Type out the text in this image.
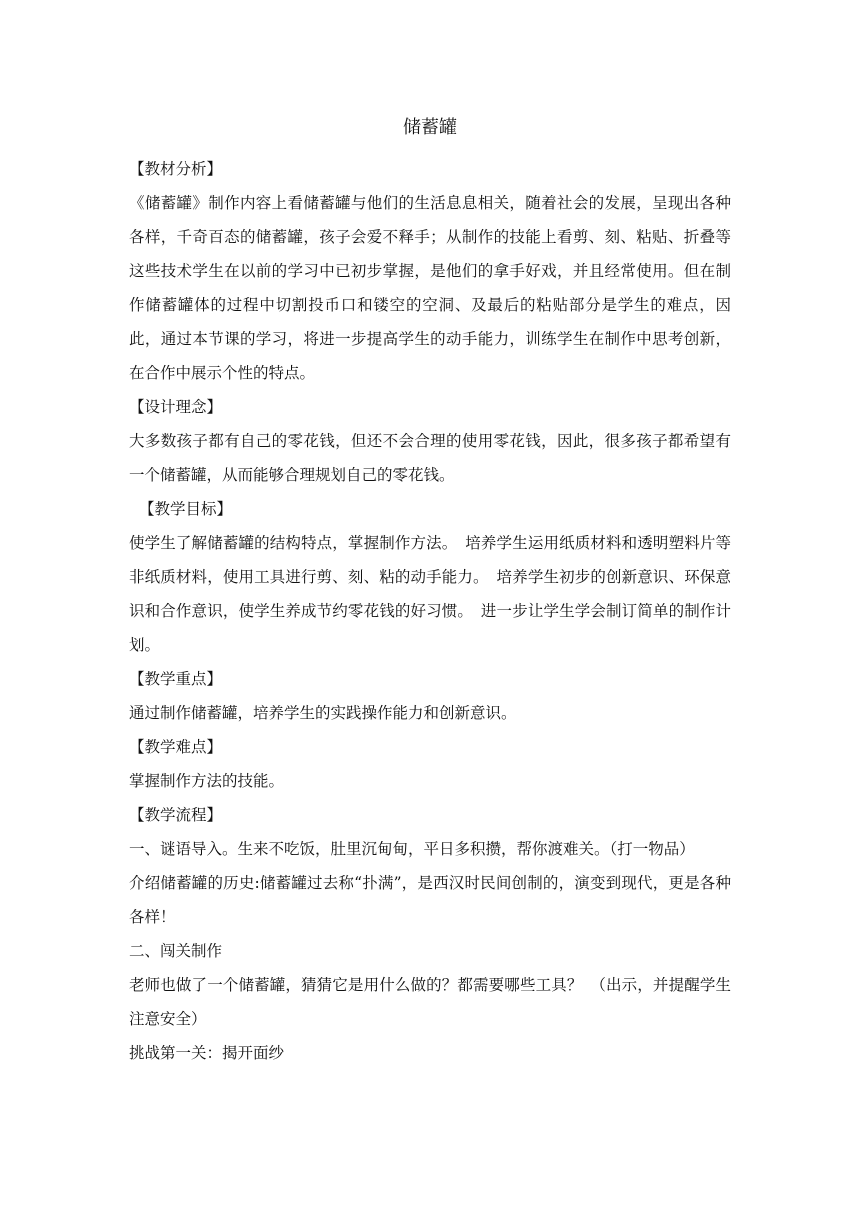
储蓄罐

【教材分析】

《储蓄罐》制作内容上看储蓄罐与他们的生活息息相关，随着社会的发展，呈现出各种各样，千奇百态的储蓄罐，孩子会爱不释手；从制作的技能上看剪、刻、粘贴、折叠等这些技术学生在以前的学习中已初步掌握，是他们的拿手好戏，并且经常使用。但在制作储蓄罐体的过程中切割投币口和镂空的空洞、及最后的粘贴部分是学生的难点，因此，通过本节课的学习，将进一步提高学生的动手能力，训练学生在制作中思考创新，在合作中展示个性的特点。

【设计理念】

大多数孩子都有自己的零花钱，但还不会合理的使用零花钱，因此，很多孩子都希望有一个储蓄罐，从而能够合理规划自己的零花钱。

【教学目标】

使学生了解储蓄罐的结构特点，掌握制作方法。　培养学生运用纸质材料和透明塑料片等非纸质材料，使用工具进行剪、刻、粘的动手能力。　培养学生初步的创新意识、环保意识和合作意识，使学生养成节约零花钱的好习惯。　进一步让学生学会制订简单的制作计划。

【教学重点】

通过制作储蓄罐，培养学生的实践操作能力和创新意识。

【教学难点】

掌握制作方法的技能。

【教学流程】

一、谜语导入。生来不吃饭，肚里沉甸甸，平日多积攒，帮你渡难关。（打一物品）

介绍储蓄罐的历史:储蓄罐过去称“扑满”，是西汉时民间创制的，演变到现代，更是各种各样！

二、闯关制作

老师也做了一个储蓄罐，猜猜它是用什么做的？都需要哪些工具？　（出示，并提醒学生注意安全）

挑战第一关：揭开面纱
